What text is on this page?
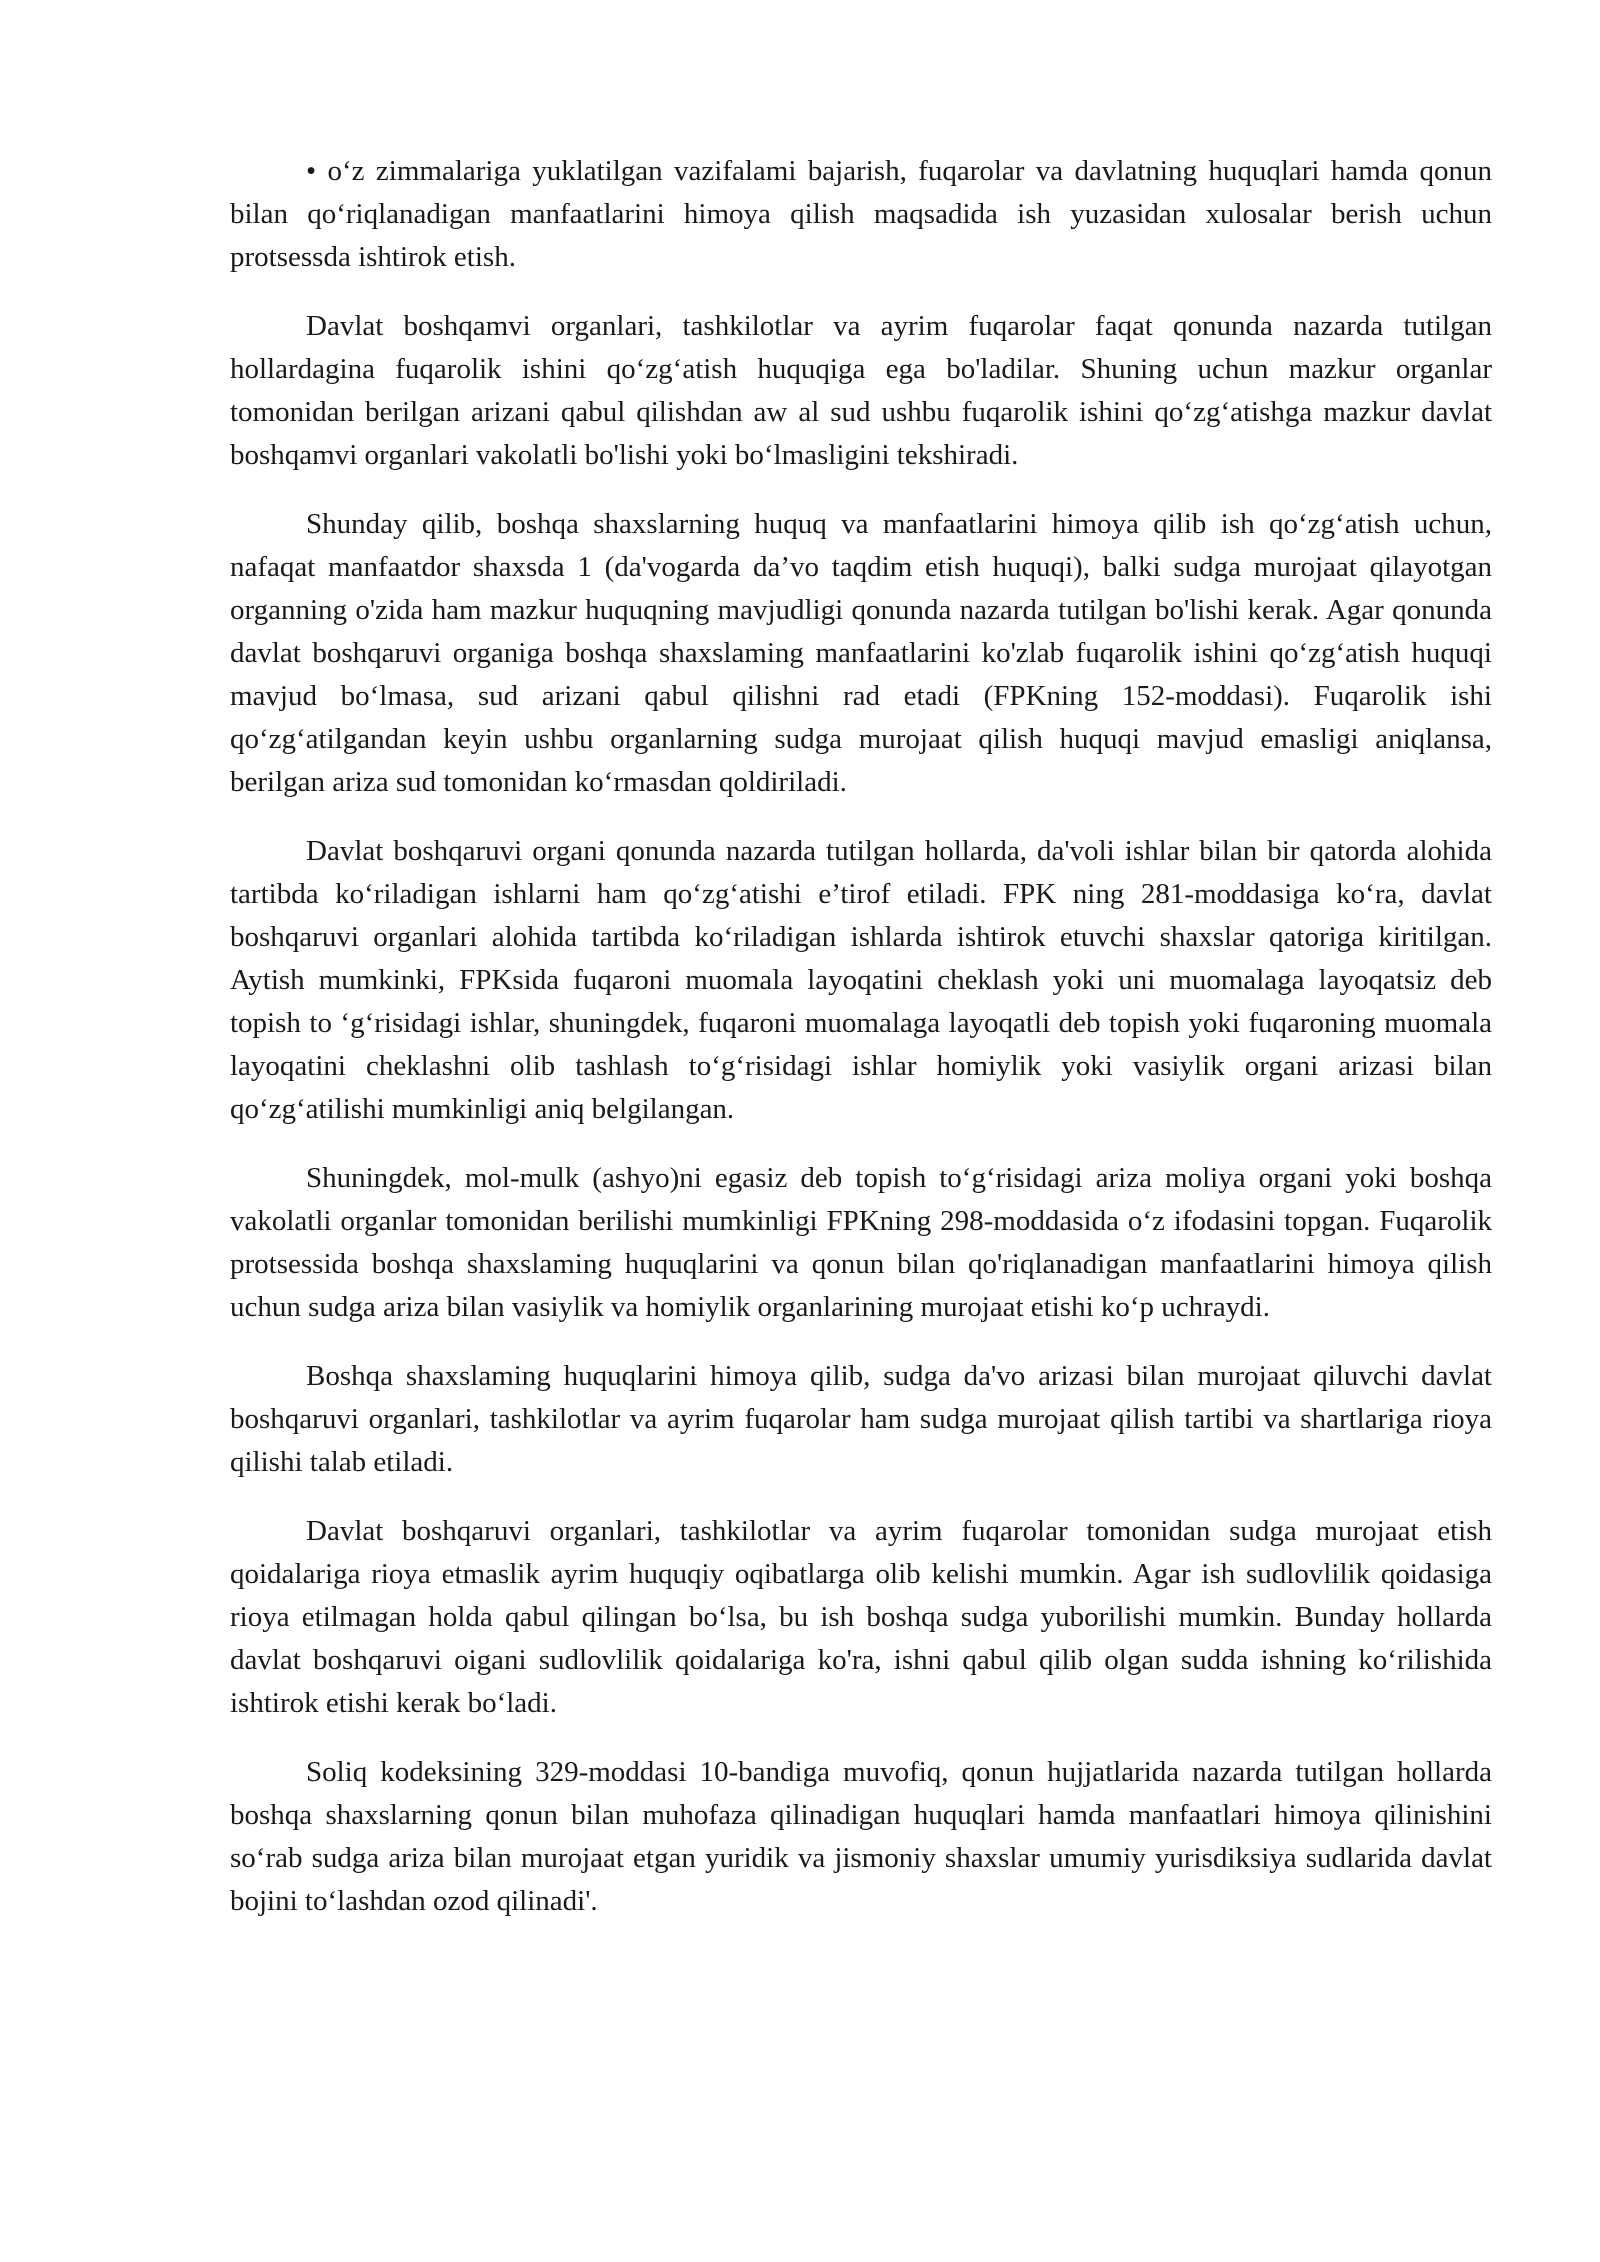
• oʻz zimmalariga yuklatilgan vazifalami bajarish, fuqarolar va davlatning huquqlari hamda qonun bilan qoʻriqlanadigan manfaatlarini himoya qilish maqsadida ish yuzasidan xulosalar berish uchun protsessda ishtirok etish.

Davlat boshqamvi organlari, tashkilotlar va ayrim fuqarolar faqat qonunda nazarda tutilgan hollardagina fuqarolik ishini qoʻzgʻatish huquqiga ega bo'ladilar. Shuning uchun mazkur organlar tomonidan berilgan arizani qabul qilishdan aw al sud ushbu fuqarolik ishini qoʻzgʻatishga mazkur davlat boshqamvi organlari vakolatli bo'lishi yoki boʻlmasligini tekshiradi.

Shunday qilib, boshqa shaxslarning huquq va manfaatlarini himoya qilib ish qoʻzgʻatish uchun, nafaqat manfaatdor shaxsda 1 (da'vogarda da’vo taqdim etish huquqi), balki sudga murojaat qilayotgan organning o'zida ham mazkur huquqning mavjudligi qonunda nazarda tutilgan bo'lishi kerak. Agar qonunda davlat boshqaruvi organiga boshqa shaxslaming manfaatlarini ko'zlab fuqarolik ishini qoʻzgʻatish huquqi mavjud boʻlmasa, sud arizani qabul qilishni rad etadi (FPKning 152-moddasi). Fuqarolik ishi qoʻzgʻatilgandan keyin ushbu organlarning sudga murojaat qilish huquqi mavjud emasligi aniqlansa, berilgan ariza sud tomonidan koʻrmasdan qoldiriladi.

Davlat boshqaruvi organi qonunda nazarda tutilgan hollarda, da'voli ishlar bilan bir qatorda alohida tartibda koʻriladigan ishlarni ham qoʻzgʻatishi e’tirof etiladi. FPK ning 281-moddasiga koʻra, davlat boshqaruvi organlari alohida tartibda koʻriladigan ishlarda ishtirok etuvchi shaxslar qatoriga kiritilgan. Aytish mumkinki, FPKsida fuqaroni muomala layoqatini cheklash yoki uni muomalaga layoqatsiz deb topish to ‘gʻrisidagi ishlar, shuningdek, fuqaroni muomalaga layoqatli deb topish yoki fuqaroning muomala layoqatini cheklashni olib tashlash toʻgʻrisidagi ishlar homiylik yoki vasiylik organi arizasi bilan qoʻzgʻatilishi mumkinligi aniq belgilangan.

Shuningdek, mol-mulk (ashyo)ni egasiz deb topish toʻgʻrisidagi ariza moliya organi yoki boshqa vakolatli organlar tomonidan berilishi mumkinligi FPKning 298-moddasida oʻz ifodasini topgan. Fuqarolik protsessida boshqa shaxslaming huquqlarini va qonun bilan qo'riqlanadigan manfaatlarini himoya qilish uchun sudga ariza bilan vasiylik va homiylik organlarining murojaat etishi koʻp uchraydi.

Boshqa shaxslaming huquqlarini himoya qilib, sudga da'vo arizasi bilan murojaat qiluvchi davlat boshqaruvi organlari, tashkilotlar va ayrim fuqarolar ham sudga murojaat qilish tartibi va shartlariga rioya qilishi talab etiladi.

Davlat boshqaruvi organlari, tashkilotlar va ayrim fuqarolar tomonidan sudga murojaat etish qoidalariga rioya etmaslik ayrim huquqiy oqibatlarga olib kelishi mumkin. Agar ish sudlovlilik qoidasiga rioya etilmagan holda qabul qilingan boʻlsa, bu ish boshqa sudga yuborilishi mumkin. Bunday hollarda davlat boshqaruvi oigani sudlovlilik qoidalariga ko'ra, ishni qabul qilib olgan sudda ishning koʻrilishida ishtirok etishi kerak boʻladi.

Soliq kodeksining 329-moddasi 10-bandiga muvofiq, qonun hujjatlarida nazarda tutilgan hollarda boshqa shaxslarning qonun bilan muhofaza qilinadigan huquqlari hamda manfaatlari himoya qilinishini soʻrab sudga ariza bilan murojaat etgan yuridik va jismoniy shaxslar umumiy yurisdiksiya sudlarida davlat bojini toʻlashdan ozod qilinadi'.
